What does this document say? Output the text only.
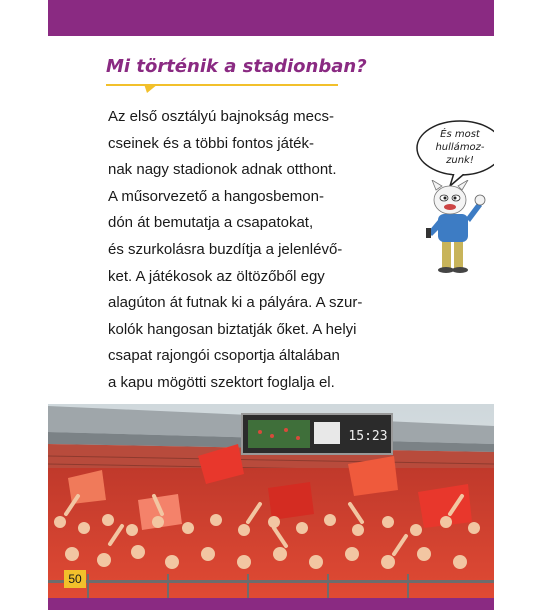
Mi történik a stadionban?
Az első osztályú bajnokság mecs-
cseinek és a többi fontos játék-
nak nagy stadionok adnak otthont.
A műsorvezető a hangosbemon-
dón át bemutatja a csapatokat,
és szurkolásra buzdítja a jelenlévő-
ket. A játékosok az öltözőből egy
alagúton át futnak ki a pályára. A szur-
kolók hangosan biztatják őket. A helyi
csapat rajongói csoportja általában
a kapu mögötti szektort foglalja el.
És most
hullámoz-
zunk!
15:23
50
